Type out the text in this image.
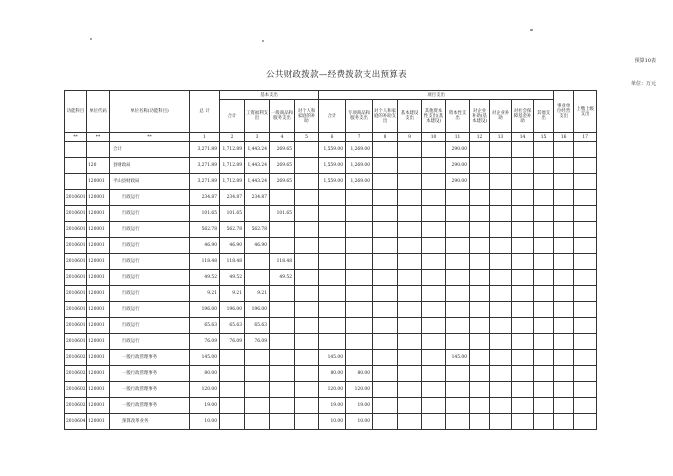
预算10表
公共财政拨款—经费拨款支出预算表
单位：万元
功能科目	单位代码	单位名称(功能科目)	总 计	基本支出				项目支出										事业单位经营支出	上缴上级支出
				合计	工资福利支出	一般商品和服务支出	对个人和家庭的补助	合计	专项商品和服务支出	对个人和家庭的补助支出	基本建设支出	其他资本性支出(基本建设)	资本性支出	对企业补助(基本建设)	对企业补助	对社会保障基金补助	其他支出		
**	**	**	1	2	3	4	5	6	7	8	9	10	11	12	13	14	15	16	17
		合计	3,271.89	1,712.89	1,443.24	269.65		1,559.00	1,269.00				290.00						
	120	县财政局	3,271.89	1,712.89	1,443.24	269.65		1,559.00	1,269.00				290.00						
	120001	平山县财政局	3,271.89	1,712.89	1,443.24	269.65		1,559.00	1,269.00				290.00						
2010601	120001	行政运行	234.87	234.87	234.87														
2010601	120001	行政运行	101.65	101.65		101.65													
2010601	120001	行政运行	562.78	562.78	562.78														
2010601	120001	行政运行	46.90	46.90	46.90														
2010601	120001	行政运行	118.48	118.48		118.48													
2010601	120001	行政运行	49.52	49.52		49.52													
2010601	120001	行政运行	9.21	9.21	9.21														
2010601	120001	行政运行	196.00	196.00	196.00														
2010601	120001	行政运行	65.63	65.63	65.63														
2010601	120001	行政运行	76.09	76.09	76.09														
2010602	120001	一般行政管理事务	145.00					145.00					145.00						
2010602	120001	一般行政管理事务	80.00					80.00	80.00										
2010602	120001	一般行政管理事务	120.00					120.00	120.00										
2010602	120001	一般行政管理事务	19.00					19.00	19.00										
2010604	120001	预算改革业务	10.00					10.00	10.00										
